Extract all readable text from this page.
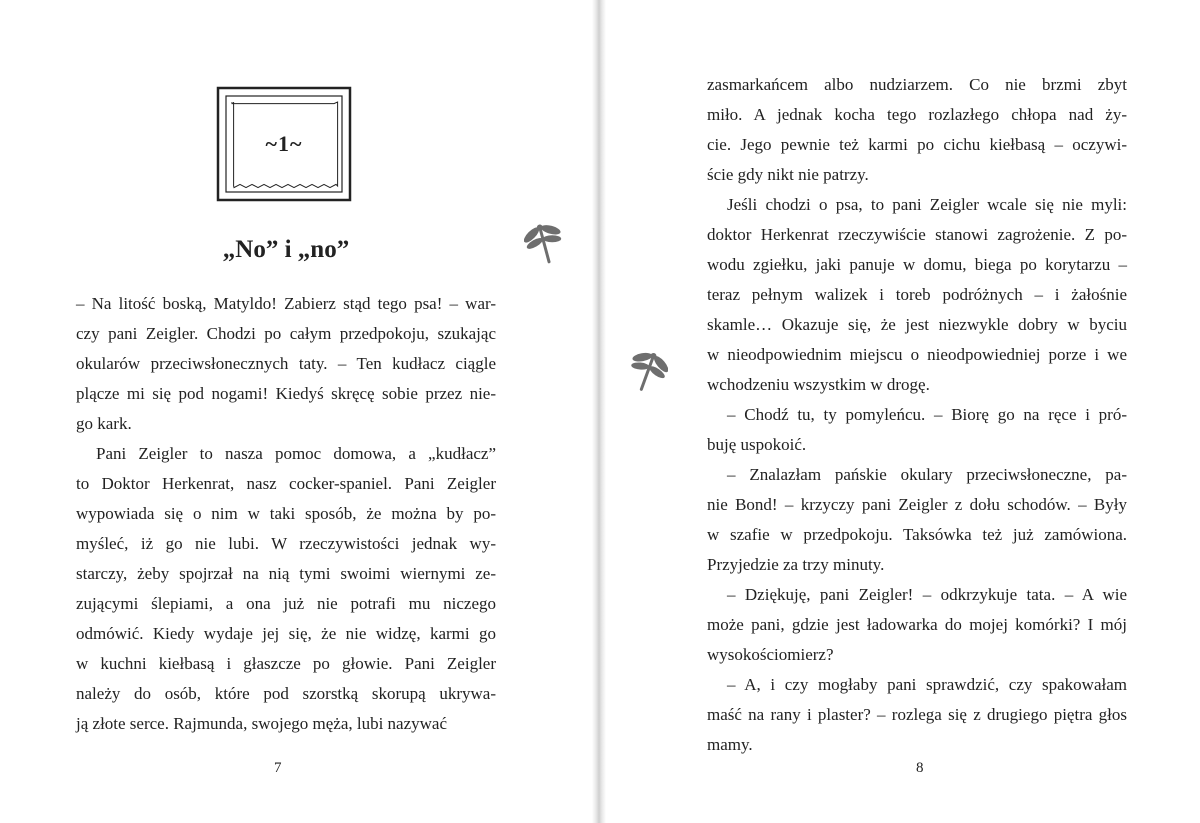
~1~
„No” i „no”
– Na litość boską, Matyldo! Zabierz stąd tego psa! – war-
czy pani Zeigler. Chodzi po całym przedpokoju, szukając
okularów przeciwsłonecznych taty. – Ten kudłacz ciągle
plącze mi się pod nogami! Kiedyś skręcę sobie przez nie-
go kark.
Pani Zeigler to nasza pomoc domowa, a „kudłacz”
to Doktor Herkenrat, nasz cocker-spaniel. Pani Zeigler
wypowiada się o nim w taki sposób, że można by po-
myśleć, iż go nie lubi. W rzeczywistości jednak wy-
starczy, żeby spojrzał na nią tymi swoimi wiernymi ze-
zującymi ślepiami, a ona już nie potrafi mu niczego
odmówić. Kiedy wydaje jej się, że nie widzę, karmi go
w kuchni kiełbasą i głaszcze po głowie. Pani Zeigler
należy do osób, które pod szorstką skorupą ukrywa-
ją złote serce. Rajmunda, swojego męża, lubi nazywać
zasmarkańcem albo nudziarzem. Co nie brzmi zbyt
miło. A jednak kocha tego rozlazłego chłopa nad ży-
cie. Jego pewnie też karmi po cichu kiełbasą – oczywi-
ście gdy nikt nie patrzy.
Jeśli chodzi o psa, to pani Zeigler wcale się nie myli:
doktor Herkenrat rzeczywiście stanowi zagrożenie. Z po-
wodu zgiełku, jaki panuje w domu, biega po korytarzu –
teraz pełnym walizek i toreb podróżnych – i żałośnie
skamle… Okazuje się, że jest niezwykle dobry w byciu
w nieodpowiednim miejscu o nieodpowiedniej porze i we
wchodzeniu wszystkim w drogę.
– Chodź tu, ty pomyleńcu. – Biorę go na ręce i pró-
buję uspokoić.
– Znalazłam pańskie okulary przeciwsłoneczne, pa-
nie Bond! – krzyczy pani Zeigler z dołu schodów. – Były
w szafie w przedpokoju. Taksówka też już zamówiona.
Przyjedzie za trzy minuty.
– Dziękuję, pani Zeigler! – odkrzykuje tata. – A wie
może pani, gdzie jest ładowarka do mojej komórki? I mój
wysokościomierz?
– A, i czy mogłaby pani sprawdzić, czy spakowałam
maść na rany i plaster? – rozlega się z drugiego piętra głos
mamy.
7	8
